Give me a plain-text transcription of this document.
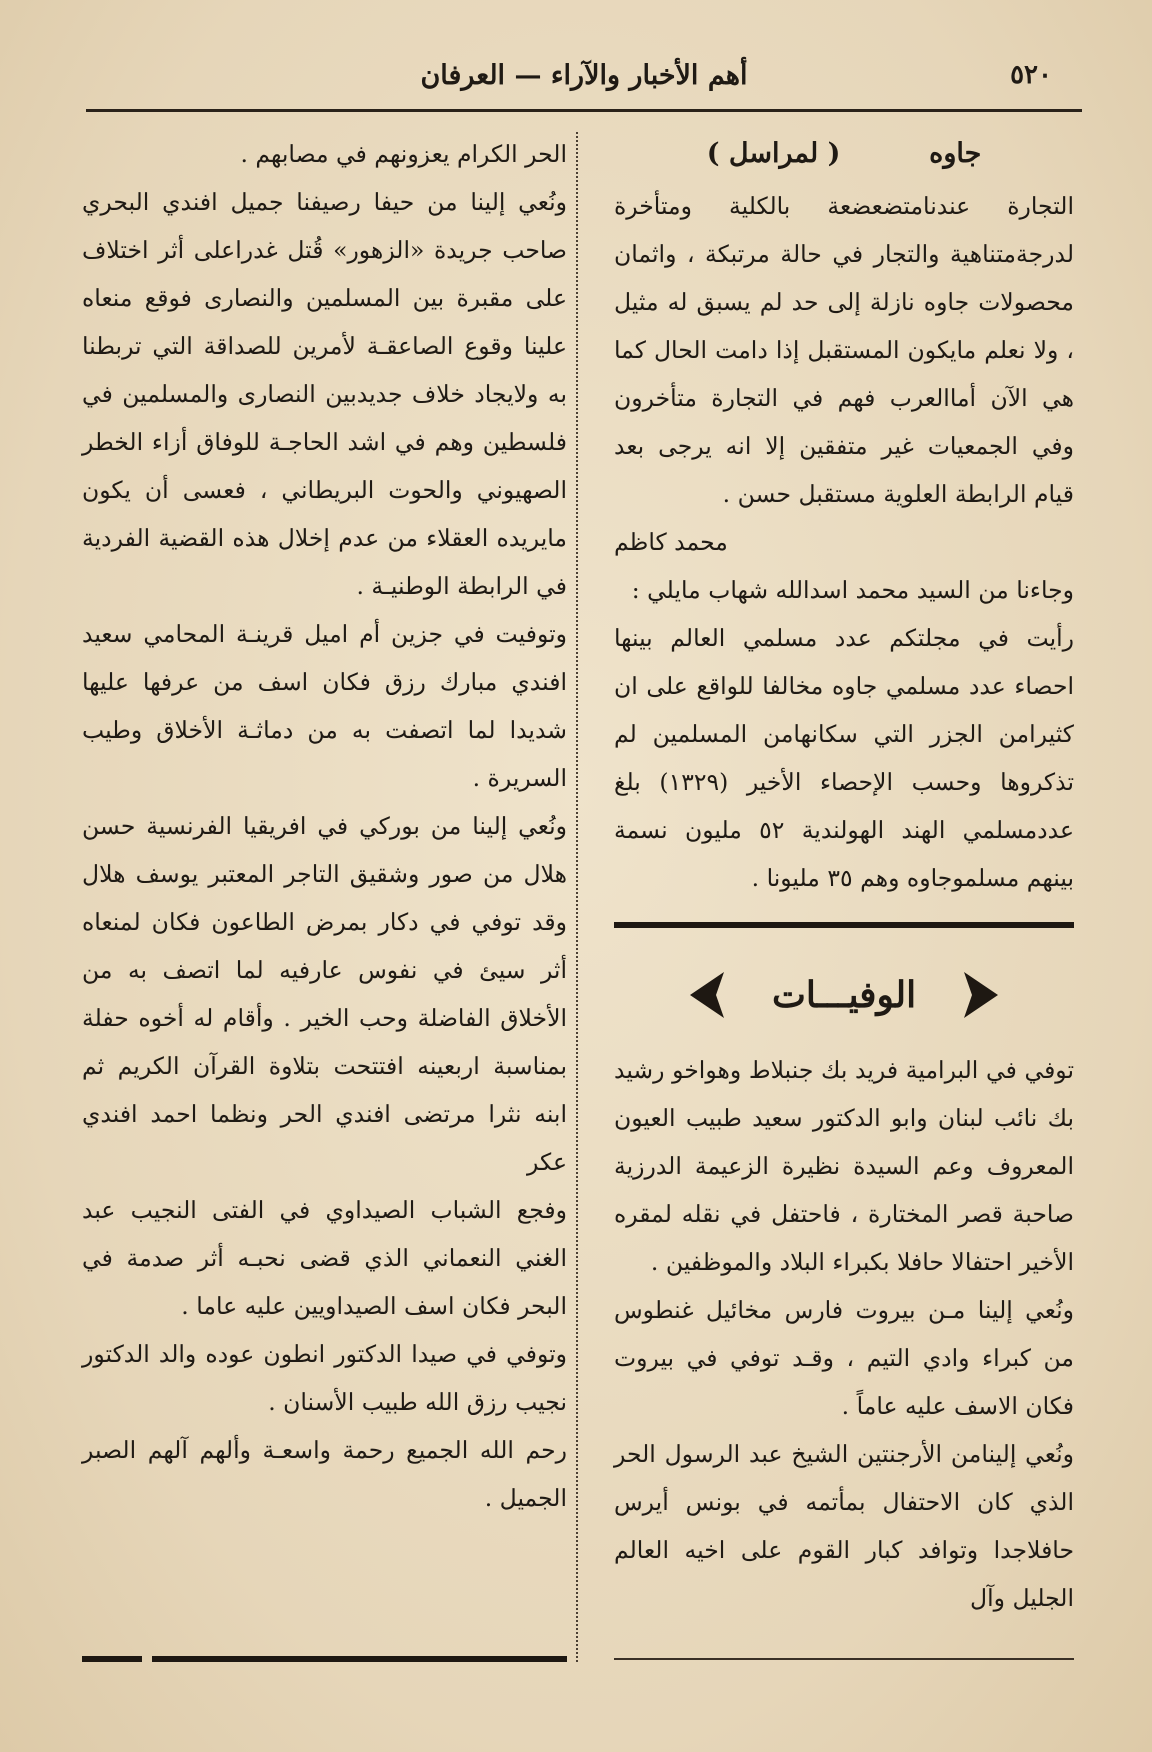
٥٢٠
أهم الأخبار والآراء — العرفان
جاوه  ( لمراسل )

التجارة عندنامتضعضعة بالكلية ومتأخرة لدرجةمتناهية والتجار في حالة مرتبكة ، واثمان محصولات جاوه نازلة إلى حد لم يسبق له مثيل ، ولا نعلم مايكون المستقبل إذا دامت الحال كما هي الآن أماالعرب فهم في التجارة متأخرون وفي الجمعيات غير متفقين إلا انه يرجى بعد قيام الرابطة العلوية مستقبل حسن .

محمد كاظم

وجاءنا من السيد محمد اسدالله شهاب مايلي :

رأيت في مجلتكم عدد مسلمي العالم بينها احصاء عدد مسلمي جاوه مخالفا للواقع على ان كثيرامن الجزر التي سكانهامن المسلمين لم تذكروها وحسب الإحصاء الأخير (١٣٢٩) بلغ عددمسلمي الهند الهولندية ٥٢ مليون نسمة بينهم مسلموجاوه وهم ٣٥ مليونا .

الوفيـــات

توفي في البرامية فريد بك جنبلاط وهواخو رشيد بك نائب لبنان وابو الدكتور سعيد طبيب العيون المعروف وعم السيدة نظيرة الزعيمة الدرزية صاحبة قصر المختارة ، فاحتفل في نقله لمقره الأخير احتفالا حافلا بكبراء البلاد والموظفين .

ونُعي إلينا مـن بيروت فارس مخائيل غنطوس من كبراء وادي التيم ، وقـد توفي في بيروت فكان الاسف عليه عاماً .

ونُعي إلينامن الأرجنتين الشيخ عبد الرسول الحر الذي كان الاحتفال بمأتمه في بونس أيرس حافلاجدا وتوافد كبار القوم على اخيه العالم الجليل وآل

الحر الكرام يعزونهم في مصابهم .

ونُعي إلينا من حيفا رصيفنا جميل افندي البحري صاحب جريدة «الزهور» قُتل غدراعلى أثر اختلاف على مقبرة بين المسلمين والنصارى فوقع منعاه علينا وقوع الصاعقـة لأمرين للصداقة التي تربطنا به ولايجاد خلاف جديدبين النصارى والمسلمين في فلسطين وهم في اشد الحاجـة للوفاق أزاء الخطر الصهيوني والحوت البريطاني ، فعسى أن يكون مايريده العقلاء من عدم إخلال هذه القضية الفردية في الرابطة الوطنيـة .

وتوفيت في جزين أم اميل قرينـة المحامي سعيد افندي مبارك رزق فكان اسف من عرفها عليها شديدا لما اتصفت به من دماثـة الأخلاق وطيب السريرة .

ونُعي إلينا من بوركي في افريقيا الفرنسية حسن هلال من صور وشقيق التاجر المعتبر يوسف هلال وقد توفي في دكار بمرض الطاعون فكان لمنعاه أثر سيئ في نفوس عارفيه لما اتصف به من الأخلاق الفاضلة وحب الخير . وأقام له أخوه حفلة بمناسبة اربعينه افتتحت بتلاوة القرآن الكريم ثم ابنه نثرا مرتضى افندي الحر ونظما احمد افندي عكر

وفجع الشباب الصيداوي في الفتى النجيب عبد الغني النعماني الذي قضى نحبـه أثر صدمة في البحر فكان اسف الصيداويين عليه عاما .

وتوفي في صيدا الدكتور انطون عوده والد الدكتور نجيب رزق الله طبيب الأسنان .

رحم الله الجميع رحمة واسعـة وألهم آلهم الصبر الجميل .
